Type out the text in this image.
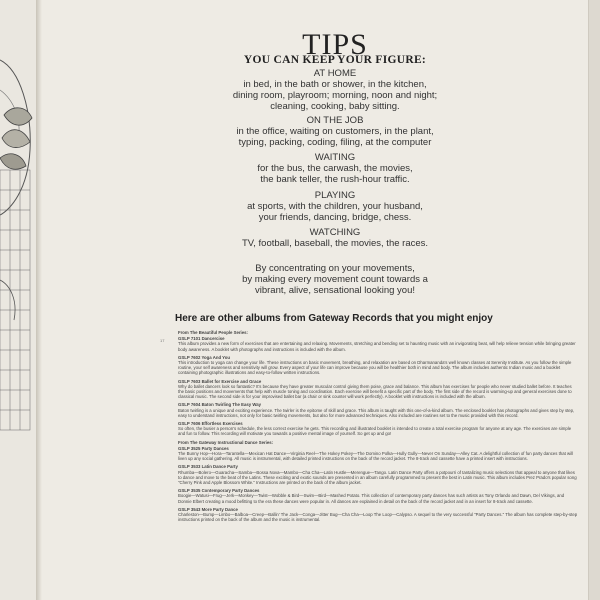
TIPS
YOU CAN KEEP YOUR FIGURE:
AT HOME
in bed, in the bath or shower, in the kitchen,
dining room, playroom; morning, noon and night;
cleaning, cooking, baby sitting.
ON THE JOB
in the office, waiting on customers, in the plant,
typing, packing, coding, filing, at the computer
WAITING
for the bus, the carwash, the movies,
the bank teller, the rush-hour traffic.
PLAYING
at sports, with the children, your husband,
your friends, dancing, bridge, chess.
WATCHING
TV, football, baseball, the movies, the races.
By concentrating on your movements,
by making every movement count towards a
vibrant, alive, sensational looking you!
Here are other albums from Gateway Records that you might enjoy
17
From The Beautiful People Series:
GSLP 7101 Dancercise
This album provides a new form of exercises that are entertaining and relaxing. Movements, stretching and bending set to haunting music with an invigorating beat, will help relieve tension while bringing greater body awareness. A booklet with photographs and instructions is included with the album.
GSLP 7602 Yoga And You
This introduction to yoga can change your life. These instructions on basic movement, breathing, and relaxation are based on Dharmananda's well known classes at Serenity Institute. As you follow the simple routine, your self awareness and sensitivity will grow. Every aspect of your life can improve because you will be healthier both in mind and body. The album includes authentic Indian music and a booklet containing photographic illustrations and easy-to-follow written instructions.
GSLP 7603 Ballet for Exercise and Grace
Why do ballet dancers look so fantastic? It's because they have greater muscular control giving them poise, grace and balance. This album has exercises for people who never studied ballet before. It teaches the basic positions and movements that help with muscle toning and coordination. Each exercise will benefit a specific part of the body. The first side of the record is warming-up and general exercises done to classical music. The second side is for your improvised ballet bar (a chair or sink counter will work perfectly). A booklet with instructions is included with the album.
GSLP 7604 Baton Twirling The Easy Way
Baton twirling is a unique and exciting experience. The twirler is the epitome of skill and grace. This album is taught with this one-of-a-kind album. The enclosed booklet has photographs and gives step by step, easy to understand instructions, not only for basic twirling movements, but also for more advanced techniques. Also included are routines set to the music provided with this record.
GSLP 7606 Effortless Exercises
So often, the busier a person's schedule, the less correct exercise he gets. This recording and illustrated booklet is intended to create a total exercise program for anyone at any age. The exercises are simple and fun to follow. This recording will motivate you towards a positive mental image of yourself. So get up and go!
From The Gateway Instructional Dance Series:
GSLP 3525 Party Dances
The Bunny Hop—Hora—Tarantella—Mexican Hat Dance—Virginia Reel—The Hokey Pokey—The Domino Polka—Hully Gully—Never On Sunday—Alley Cat. A delightful collection of fun party dances that will liven up any social gathering. All music is instrumental, with detailed printed instructions on the back of the record jacket. The 8-track and cassette have a printed insert with instructions.
GSLP 3533 Latin Dance Party
Rhumba—Bolero—Guaracha—Samba—Bossa Nova—Mambo—Cha Cha—Latin Hustle—Merengue—Tango. Latin Dance Party offers a potpourri of tantalizing music selections that appeal to anyone that likes to dance and move to the beat of the Latins. These exciting and exotic sounds are presented in an album carefully programmed to present the best in Latin music. This album includes Prez Prado's popular song "Cherry Pink and Apple Blossom White." Instructions are printed on the back of the album jacket.
GSLP 3535 Contemporary Party Dances
Boogie—Watusi—Frug—Jerk—Monkey—Twist—Wobble & Bird—Swim—Bird—Mashed Potato. This collection of contemporary party dances has such artists as Tony Orlando and Dawn, Del Vikings, and Donnie Elbert creating a mood befitting to the era these dances were popular in. All dances are explained in detail on the back of the record jacket and in an insert for 8-track and cassette.
GSLP 3543 More Party Dance
Charleston—Bump—Limbo—Balboa—Creep—Ballin' The Jack—Conga—Jitter Bug—Cha Cha—Loop The Loop—Calypso. A sequel to the very successful "Party Dances." The album has complete step-by-step instructions printed on the back of the album and the music is instrumental.
